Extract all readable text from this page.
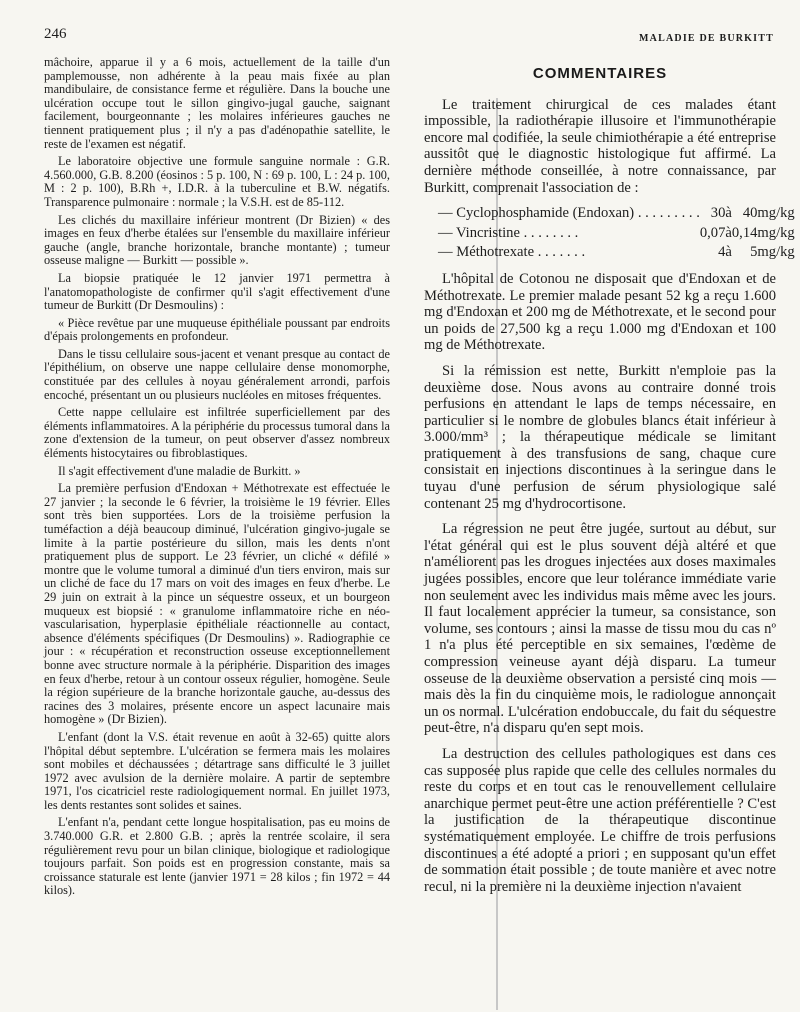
246	MALADIE DE BURKITT

mâchoire, apparue il y a 6 mois, actuellement de la taille d'un pamplemousse, non adhérente à la peau mais fixée au plan mandibulaire, de consistance ferme et régulière. Dans la bouche une ulcération occupe tout le sillon gingivo-jugal gauche, saignant facilement, bourgeonnante ; les molaires inférieures gauches ne tiennent pratiquement plus ; il n'y a pas d'adénopathie satellite, le reste de l'examen est négatif.

Le laboratoire objective une formule sanguine normale : G.R. 4.560.000, G.B. 8.200 (éosinos : 5 p. 100, N : 69 p. 100, L : 24 p. 100, M : 2 p. 100), B.Rh +, I.D.R. à la tuberculine et B.W. négatifs. Transparence pulmonaire : normale ; la V.S.H. est de 85-112.

Les clichés du maxillaire inférieur montrent (Dr Bizien) « des images en feux d'herbe étalées sur l'ensemble du maxillaire inférieur gauche (angle, branche horizontale, branche montante) ; tumeur osseuse maligne — Burkitt — possible ».

La biopsie pratiquée le 12 janvier 1971 permettra à l'anatomopathologiste de confirmer qu'il s'agit effectivement d'une tumeur de Burkitt (Dr Desmoulins) :

« Pièce revêtue par une muqueuse épithéliale poussant par endroits d'épais prolongements en profondeur.

Dans le tissu cellulaire sous-jacent et venant presque au contact de l'épithélium, on observe une nappe cellulaire dense monomorphe, constituée par des cellules à noyau généralement arrondi, parfois encoché, présentant un ou plusieurs nucléoles en mitoses fréquentes.

Cette nappe cellulaire est infiltrée superficiellement par des éléments inflammatoires. A la périphérie du processus tumoral dans la zone d'extension de la tumeur, on peut observer d'assez nombreux éléments histocytaires ou fibroblastiques.

Il s'agit effectivement d'une maladie de Burkitt. »

La première perfusion d'Endoxan + Méthotrexate est effectuée le 27 janvier ; la seconde le 6 février, la troisième le 19 février. Elles sont très bien supportées. Lors de la troisième perfusion la tuméfaction a déjà beaucoup diminué, l'ulcération gingivo-jugale se limite à la partie postérieure du sillon, mais les dents n'ont pratiquement plus de support. Le 23 février, un cliché « défilé » montre que le volume tumoral a diminué d'un tiers environ, mais sur un cliché de face du 17 mars on voit des images en feux d'herbe. Le 29 juin on extrait à la pince un séquestre osseux, et un bourgeon muqueux est biopsié : « granulome inflammatoire riche en néo-vascularisation, hyperplasie épithéliale réactionnelle au contact, absence d'éléments spécifiques (Dr Desmoulins) ». Radiographie ce jour : « récupération et reconstruction osseuse exceptionnellement bonne avec structure normale à la périphérie. Disparition des images en feux d'herbe, retour à un contour osseux régulier, homogène. Seule la région supérieure de la branche horizontale gauche, au-dessus des racines des 3 molaires, présente encore un aspect lacunaire mais homogène » (Dr Bizien).

L'enfant (dont la V.S. était revenue en août à 32-65) quitte alors l'hôpital début septembre. L'ulcération se fermera mais les molaires sont mobiles et déchaussées ; détartrage sans difficulté le 3 juillet 1972 avec avulsion de la dernière molaire. A partir de septembre 1971, l'os cicatriciel reste radiologiquement normal. En juillet 1973, les dents restantes sont solides et saines.

L'enfant n'a, pendant cette longue hospitalisation, pas eu moins de 3.740.000 G.R. et 2.800 G.B. ; après la rentrée scolaire, il sera régulièrement revu pour un bilan clinique, biologique et radiologique toujours parfait. Son poids est en progression constante, mais sa croissance staturale est lente (janvier 1971 = 28 kilos ; fin 1972 = 44 kilos).

COMMENTAIRES

Le traitement chirurgical de ces malades étant impossible, la radiothérapie illusoire et l'immunothérapie encore mal codifiée, la seule chimiothérapie a été entreprise aussitôt que le diagnostic histologique fut affirmé. La dernière méthode conseillée, à notre connaissance, par Burkitt, comprenait l'association de :

— Cyclophosphamide (Endoxan) . . . . . . . . .	30	à	40	mg/kg
— Vincristine . . . . . . . .	0,07	à	0,14	mg/kg
— Méthotrexate . . . . . . .	4	à	5	mg/kg

L'hôpital de Cotonou ne disposait que d'Endoxan et de Méthotrexate. Le premier malade pesant 52 kg a reçu 1.600 mg d'Endoxan et 200 mg de Méthotrexate, et le second pour un poids de 27,500 kg a reçu 1.000 mg d'Endoxan et 100 mg de Méthotrexate.

Si la rémission est nette, Burkitt n'emploie pas la deuxième dose. Nous avons au contraire donné trois perfusions en attendant le laps de temps nécessaire, en particulier si le nombre de globules blancs était inférieur à 3.000/mm³ ; la thérapeutique médicale se limitant pratiquement à des transfusions de sang, chaque cure consistait en injections discontinues à la seringue dans le tuyau d'une perfusion de sérum physiologique salé contenant 25 mg d'hydrocortisone.

La régression ne peut être jugée, surtout au début, sur l'état général qui est le plus souvent déjà altéré et que n'améliorent pas les drogues injectées aux doses maximales jugées possibles, encore que leur tolérance immédiate varie non seulement avec les individus mais même avec les jours. Il faut localement apprécier la tumeur, sa consistance, son volume, ses contours ; ainsi la masse de tissu mou du cas nº 1 n'a plus été perceptible en six semaines, l'œdème de compression veineuse ayant déjà disparu. La tumeur osseuse de la deuxième observation a persisté cinq mois — mais dès la fin du cinquième mois, le radiologue annonçait un os normal. L'ulcération endobuccale, du fait du séquestre peut-être, n'a disparu qu'en sept mois.

La destruction des cellules pathologiques est dans ces cas supposée plus rapide que celle des cellules normales du reste du corps et en tout cas le renouvellement cellulaire anarchique permet peut-être une action préférentielle ? C'est la justification de la thérapeutique discontinue systématiquement employée. Le chiffre de trois perfusions discontinues a été adopté a priori ; en supposant qu'un effet de sommation était possible ; de toute manière et avec notre recul, ni la première ni la deuxième injection n'avaient
